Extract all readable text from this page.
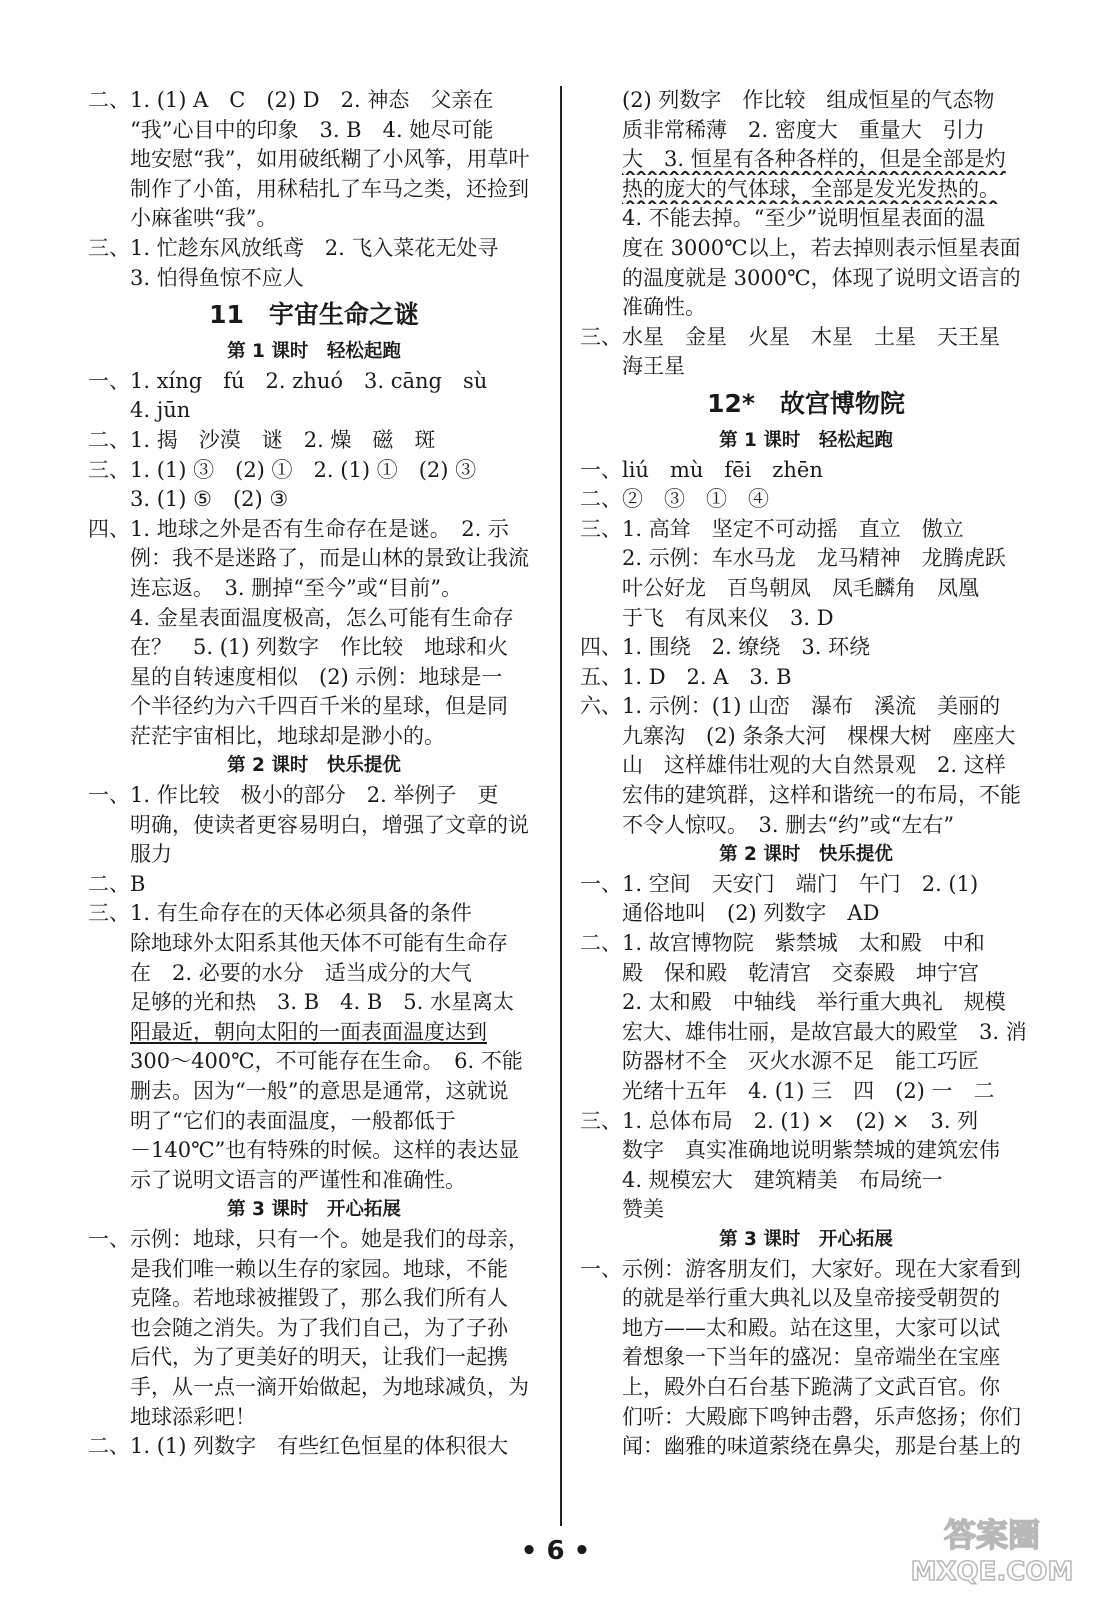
二、1. (1) A　C　(2) D　2. 神态　父亲在
“我”心目中的印象　3. B　4. 她尽可能
地安慰“我”，如用破纸糊了小风筝，用草叶
制作了小笛，用秫秸扎了车马之类，还捡到
小麻雀哄“我”。
三、1. 忙趁东风放纸鸢　2. 飞入菜花无处寻
3. 怕得鱼惊不应人
11　宇宙生命之谜
第 1 课时　轻松起跑
一、1. xíng　fú　2. zhuó　3. cāng　sù
4. jūn
二、1. 揭　沙漠　谜　2. 燥　磁　斑
三、1. (1) ③　(2) ①　2. (1) ①　(2) ③
3. (1) ⑤　(2) ③
四、1. 地球之外是否有生命存在是谜。　2. 示
例：我不是迷路了，而是山林的景致让我流
连忘返。　3. 删掉“至今”或“目前”。
4. 金星表面温度极高，怎么可能有生命存
在？　5. (1) 列数字　作比较　地球和火
星的自转速度相似　(2) 示例：地球是一
个半径约为六千四百千米的星球，但是同
茫茫宇宙相比，地球却是渺小的。
第 2 课时　快乐提优
一、1. 作比较　极小的部分　2. 举例子　更
明确，使读者更容易明白，增强了文章的说
服力
二、B
三、1. 有生命存在的天体必须具备的条件
除地球外太阳系其他天体不可能有生命存
在　2. 必要的水分　适当成分的大气
足够的光和热　3. B　4. B　5. 水星离太
阳最近，朝向太阳的一面表面温度达到
300～400℃，不可能存在生命。　6. 不能
删去。因为“一般”的意思是通常，这就说
明了“它们的表面温度，一般都低于
－140℃”也有特殊的时候。这样的表达显
示了说明文语言的严谨性和准确性。
第 3 课时　开心拓展
一、示例：地球，只有一个。她是我们的母亲，
是我们唯一赖以生存的家园。地球，不能
克隆。若地球被摧毁了，那么我们所有人
也会随之消失。为了我们自己，为了子孙
后代，为了更美好的明天，让我们一起携
手，从一点一滴开始做起，为地球减负，为
地球添彩吧！
二、1. (1) 列数字　有些红色恒星的体积很大
(2) 列数字　作比较　组成恒星的气态物
质非常稀薄　2. 密度大　重量大　引力
大　3. 恒星有各种各样的，但是全部是灼
热的庞大的气体球，全部是发光发热的。
4. 不能去掉。“至少”说明恒星表面的温
度在 3000℃以上，若去掉则表示恒星表面
的温度就是 3000℃，体现了说明文语言的
准确性。
三、水星　金星　火星　木星　土星　天王星
海王星
12*　故宫博物院
第 1 课时　轻松起跑
一、liú　mù　fēi　zhēn
二、②　③　①　④
三、1. 高耸　坚定不可动摇　直立　傲立
2. 示例：车水马龙　龙马精神　龙腾虎跃
叶公好龙　百鸟朝凤　凤毛麟角　凤凰
于飞　有凤来仪　3. D
四、1. 围绕　2. 缭绕　3. 环绕
五、1. D　2. A　3. B
六、1. 示例：(1) 山峦　瀑布　溪流　美丽的
九寨沟　(2) 条条大河　棵棵大树　座座大
山　这样雄伟壮观的大自然景观　2. 这样
宏伟的建筑群，这样和谐统一的布局，不能
不令人惊叹。　3. 删去“约”或“左右”
第 2 课时　快乐提优
一、1. 空间　天安门　端门　午门　2. (1)
通俗地叫　(2) 列数字　AD
二、1. 故宫博物院　紫禁城　太和殿　中和
殿　保和殿　乾清宫　交泰殿　坤宁宫
2. 太和殿　中轴线　举行重大典礼　规模
宏大、雄伟壮丽，是故宫最大的殿堂　3. 消
防器材不全　灭火水源不足　能工巧匠
光绪十五年　4. (1) 三　四　(2) 一　二
三、1. 总体布局　2. (1) ×　(2) ×　3. 列
数字　真实准确地说明紫禁城的建筑宏伟
4. 规模宏大　建筑精美　布局统一
赞美
第 3 课时　开心拓展
一、示例：游客朋友们，大家好。现在大家看到
的就是举行重大典礼以及皇帝接受朝贺的
地方——太和殿。站在这里，大家可以试
着想象一下当年的盛况：皇帝端坐在宝座
上，殿外白石台基下跪满了文武百官。你
们听：大殿廊下鸣钟击磬，乐声悠扬；你们
闻：幽雅的味道萦绕在鼻尖，那是台基上的
• 6 •	答案圈
MXQE.COM
